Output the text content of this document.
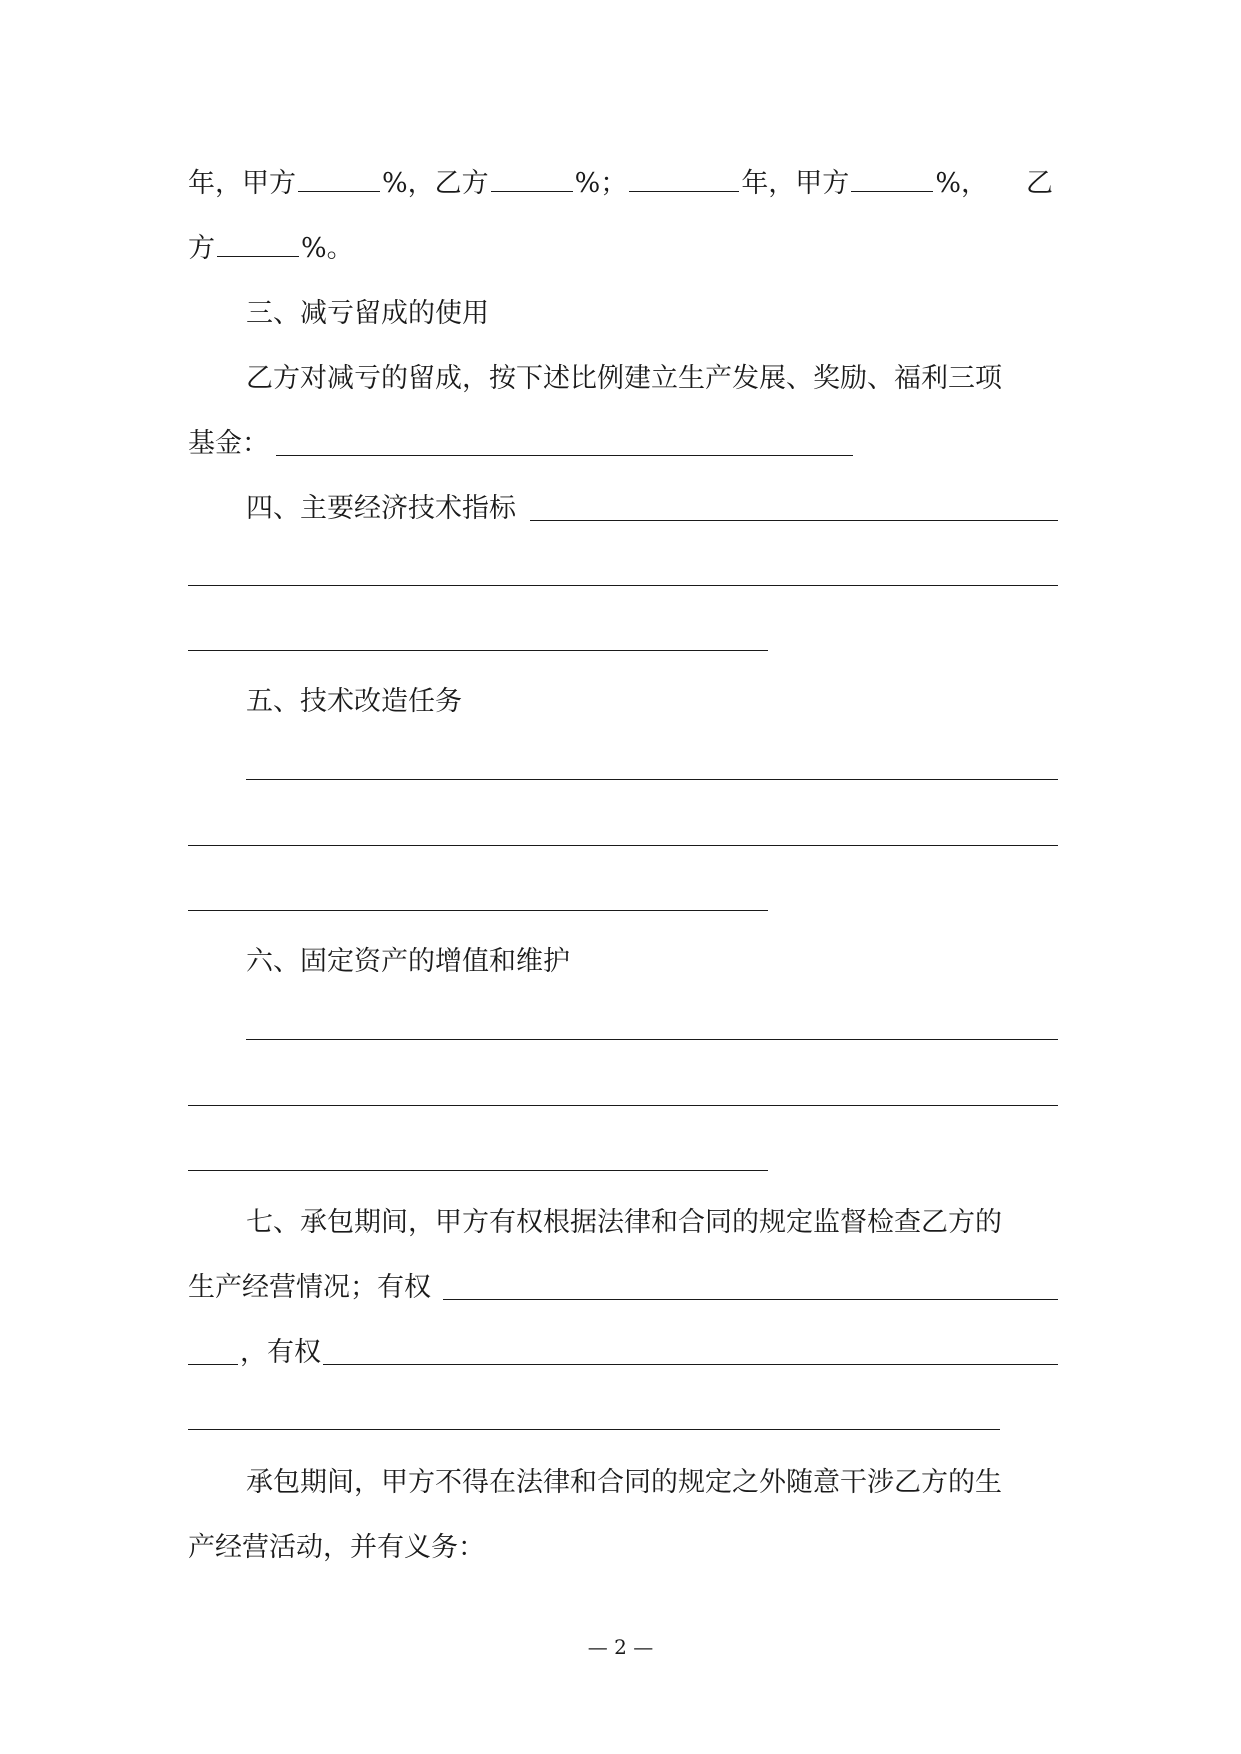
年，甲方	%，乙方	%；	年，甲方	%，	乙
方	%。
三、减亏留成的使用
乙方对减亏的留成，按下述比例建立生产发展、奖励、福利三项
基金：
四、主要经济技术指标
五、技术改造任务
六、固定资产的增值和维护
七、承包期间，甲方有权根据法律和合同的规定监督检查乙方的
生产经营情况；有权
，有权
承包期间，甲方不得在法律和合同的规定之外随意干涉乙方的生
产经营活动，并有义务：
— 2 —
